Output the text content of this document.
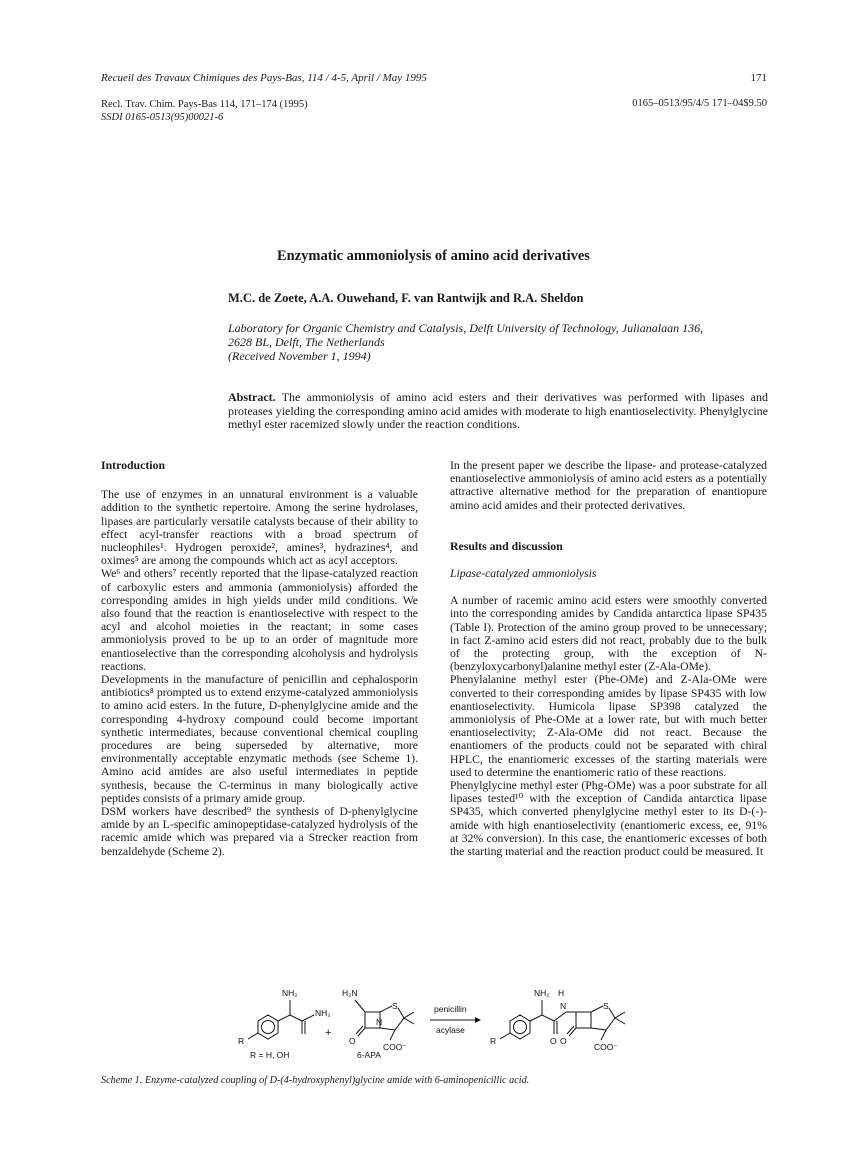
Recueil des Travaux Chimiques des Pays-Bas, 114 / 4-5, April / May 1995	171
Recl. Trav. Chim. Pays-Bas 114, 171–174 (1995)
SSDI 0165-0513(95)00021-6
0165–0513/95/4/5 171–04$9.50
Enzymatic ammoniolysis of amino acid derivatives
M.C. de Zoete, A.A. Ouwehand, F. van Rantwijk and R.A. Sheldon
Laboratory for Organic Chemistry and Catalysis, Delft University of Technology, Julianalaan 136,
2628 BL, Delft, The Netherlands
(Received November 1, 1994)
Abstract. The ammoniolysis of amino acid esters and their derivatives was performed with lipases and proteases yielding the corresponding amino acid amides with moderate to high enantioselectivity. Phenylglycine methyl ester racemized slowly under the reaction conditions.

Introduction

The use of enzymes in an unnatural environment is a valuable addition to the synthetic repertoire. Among the serine hydrolases, lipases are particularly versatile catalysts because of their ability to effect acyl-transfer reactions with a broad spectrum of nucleophiles¹. Hydrogen peroxide², amines³, hydrazines⁴, and oximes⁵ are among the compounds which act as acyl acceptors.

We⁶ and others⁷ recently reported that the lipase-catalyzed reaction of carboxylic esters and ammonia (ammoniolysis) afforded the corresponding amides in high yields under mild conditions. We also found that the reaction is enantioselective with respect to the acyl and alcohol moieties in the reactant; in some cases ammoniolysis proved to be up to an order of magnitude more enantioselective than the corresponding alcoholysis and hydrolysis reactions.

Developments in the manufacture of penicillin and cephalosporin antibiotics⁸ prompted us to extend enzyme-catalyzed ammoniolysis to amino acid esters. In the future, D-phenylglycine amide and the corresponding 4-hydroxy compound could become important synthetic intermediates, because conventional chemical coupling procedures are being superseded by alternative, more environmentally acceptable enzymatic methods (see Scheme 1). Amino acid amides are also useful intermediates in peptide synthesis, because the C-terminus in many biologically active peptides consists of a primary amide group.

DSM workers have described⁹ the synthesis of D-phenylglycine amide by an L-specific aminopeptidase-catalyzed hydrolysis of the racemic amide which was prepared via a Strecker reaction from benzaldehyde (Scheme 2).

In the present paper we describe the lipase- and protease-catalyzed enantioselective ammoniolysis of amino acid esters as a potentially attractive alternative method for the preparation of enantiopure amino acid amides and their protected derivatives.

Results and discussion

Lipase-catalyzed ammoniolysis

A number of racemic amino acid esters were smoothly converted into the corresponding amides by Candida antarctica lipase SP435 (Table I). Protection of the amino group proved to be unnecessary; in fact Z-amino acid esters did not react, probably due to the bulk of the protecting group, with the exception of N-(benzyloxycarbonyl)alanine methyl ester (Z-Ala-OMe).

Phenylalanine methyl ester (Phe-OMe) and Z-Ala-OMe were converted to their corresponding amides by lipase SP435 with low enantioselectivity. Humicola lipase SP398 catalyzed the ammoniolysis of Phe-OMe at a lower rate, but with much better enantioselectivity; Z-Ala-OMe did not react. Because the enantiomers of the products could not be separated with chiral HPLC, the enantiomeric excesses of the starting materials were used to determine the enantiomeric ratio of these reactions.

Phenylglycine methyl ester (Phg-OMe) was a poor substrate for all lipases tested¹⁰ with the exception of Candida antarctica lipase SP435, which converted phenylglycine methyl ester to its D-(-)-amide with high enantioselectivity (enantiomeric excess, ee, 91% at 32% conversion). In this case, the enantiomeric excesses of both the starting material and the reaction product could be measured. It

NH₂
NH₂
R
+
H₂N
S
N
O
COO⁻
penicillin
acylase
NH₂ H
N	S
O O
COO⁻
R
R = H, OH	6-APA
Scheme 1. Enzyme-catalyzed coupling of D-(4-hydroxyphenyl)glycine amide with 6-aminopenicillic acid.
